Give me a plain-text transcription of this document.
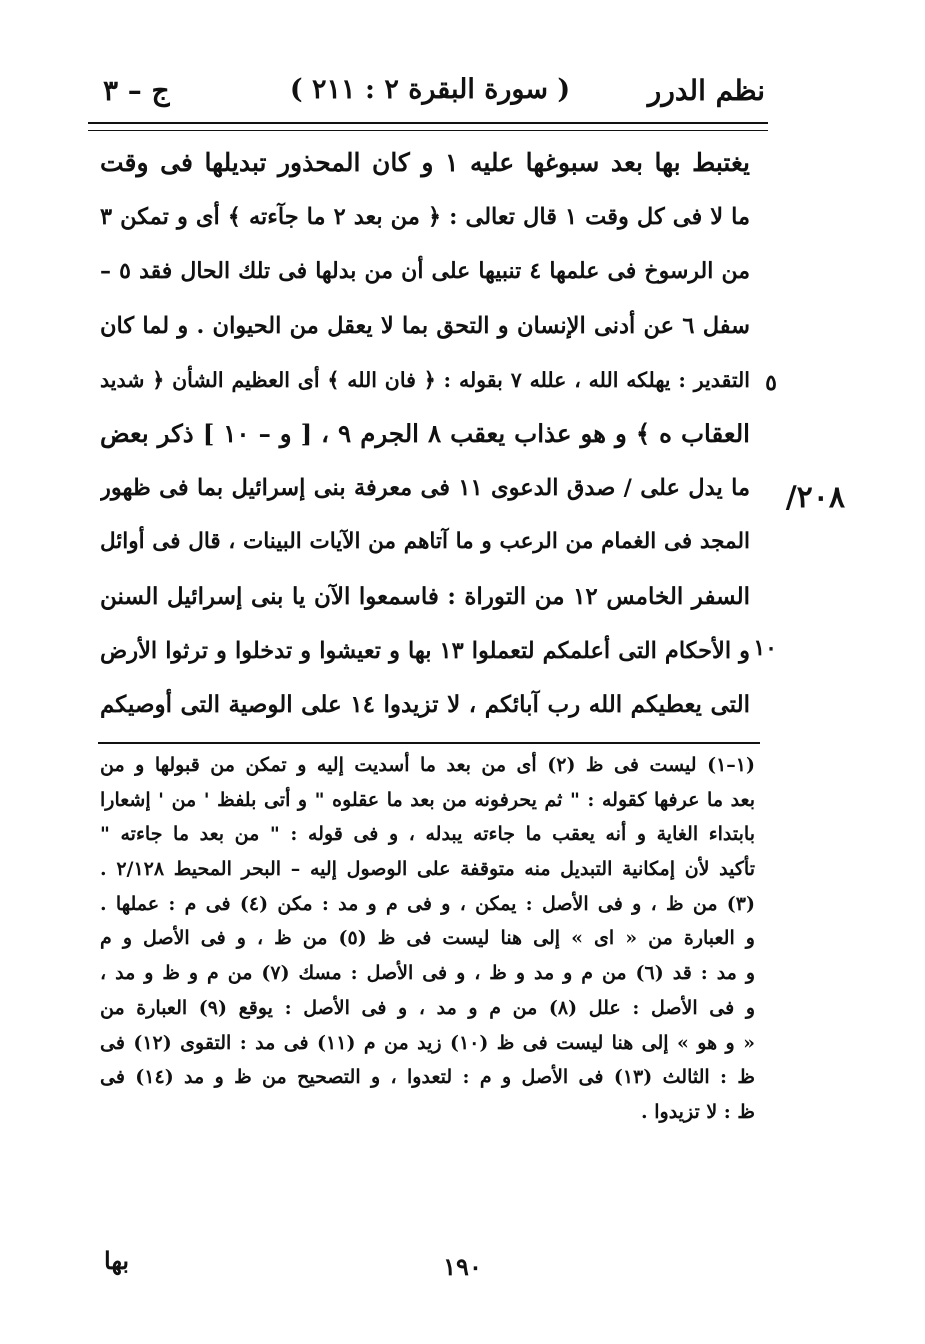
نظم الدرر
( سورة البقرة ٢ : ٢١١ )
ج – ٣
يغتبط بها بعد سبوغها عليه ١ و كان المحذور تبديلها فى وقت
ما لا فى كل وقت ١ قال تعالى : ﴿ من بعد ٢ ما جآءته ﴾ أى و تمكن ٣
من الرسوخ فى علمها ٤ تنبيها على أن من بدلها فى تلك الحال فقد ٥ –
سفل ٦ عن أدنى الإنسان و التحق بما لا يعقل من الحيوان . و لما كان
التقدير : يهلكه الله ، علله ٧ بقوله : ﴿ فان الله ﴾ أى العظيم الشأن ﴿ شديد
العقاب ه ﴾ و هو عذاب يعقب ٨ الجرم ٩ ، [ و – ١٠ ] ذكر بعض
ما يدل على / صدق الدعوى ١١ فى معرفة بنى إسرائيل بما فى ظهور
المجد فى الغمام من الرعب و ما آتاهم من الآيات البينات ، قال فى أوائل
السفر الخامس ١٢ من التوراة : فاسمعوا الآن يا بنى إسرائيل السنن
و الأحكام التى أعلمكم لتعملوا ١٣ بها و تعيشوا و تدخلوا و ترثوا الأرض
التى يعطيكم الله رب آبائكم ، لا تزيدوا ١٤ على الوصية التى أوصيكم
٥
١٠
٢٠٨/
(١–١) ليست فى ظ (٢) أى من بعد ما أسديت إليه و تمكن من قبولها و من
بعد ما عرفها كقوله : " ثم يحرفونه من بعد ما عقلوه " و أتى بلفظ ' من ' إشعارا
بابتداء الغاية و أنه يعقب ما جاءته يبدله ، و فى قوله : " من بعد ما جاءته "
تأكيد لأن إمكانية التبديل منه متوقفة على الوصول إليه – البحر المحيط ٢/١٢٨ .
(٣) من ظ ، و فى الأصل : يمكن ، و فى م و مد : مكن (٤) فى م : عملها .
و العبارة من « اى » إلى هنا ليست فى ظ (٥) من ظ ، و فى الأصل و م
و مد : قد (٦) من م و مد و ظ ، و فى الأصل : مسك (٧) من م و ظ و مد ،
و فى الأصل : علل (٨) من م و مد ، و فى الأصل : يوقع (٩) العبارة من
« و هو » إلى هنا ليست فى ظ (١٠) زيد من م (١١) فى مد : التقوى (١٢) فى
ظ : الثالث (١٣) فى الأصل و م : لتعدوا ، و التصحيح من ظ و مد (١٤) فى
ظ : لا تزيدوا .
١٩٠
بها
